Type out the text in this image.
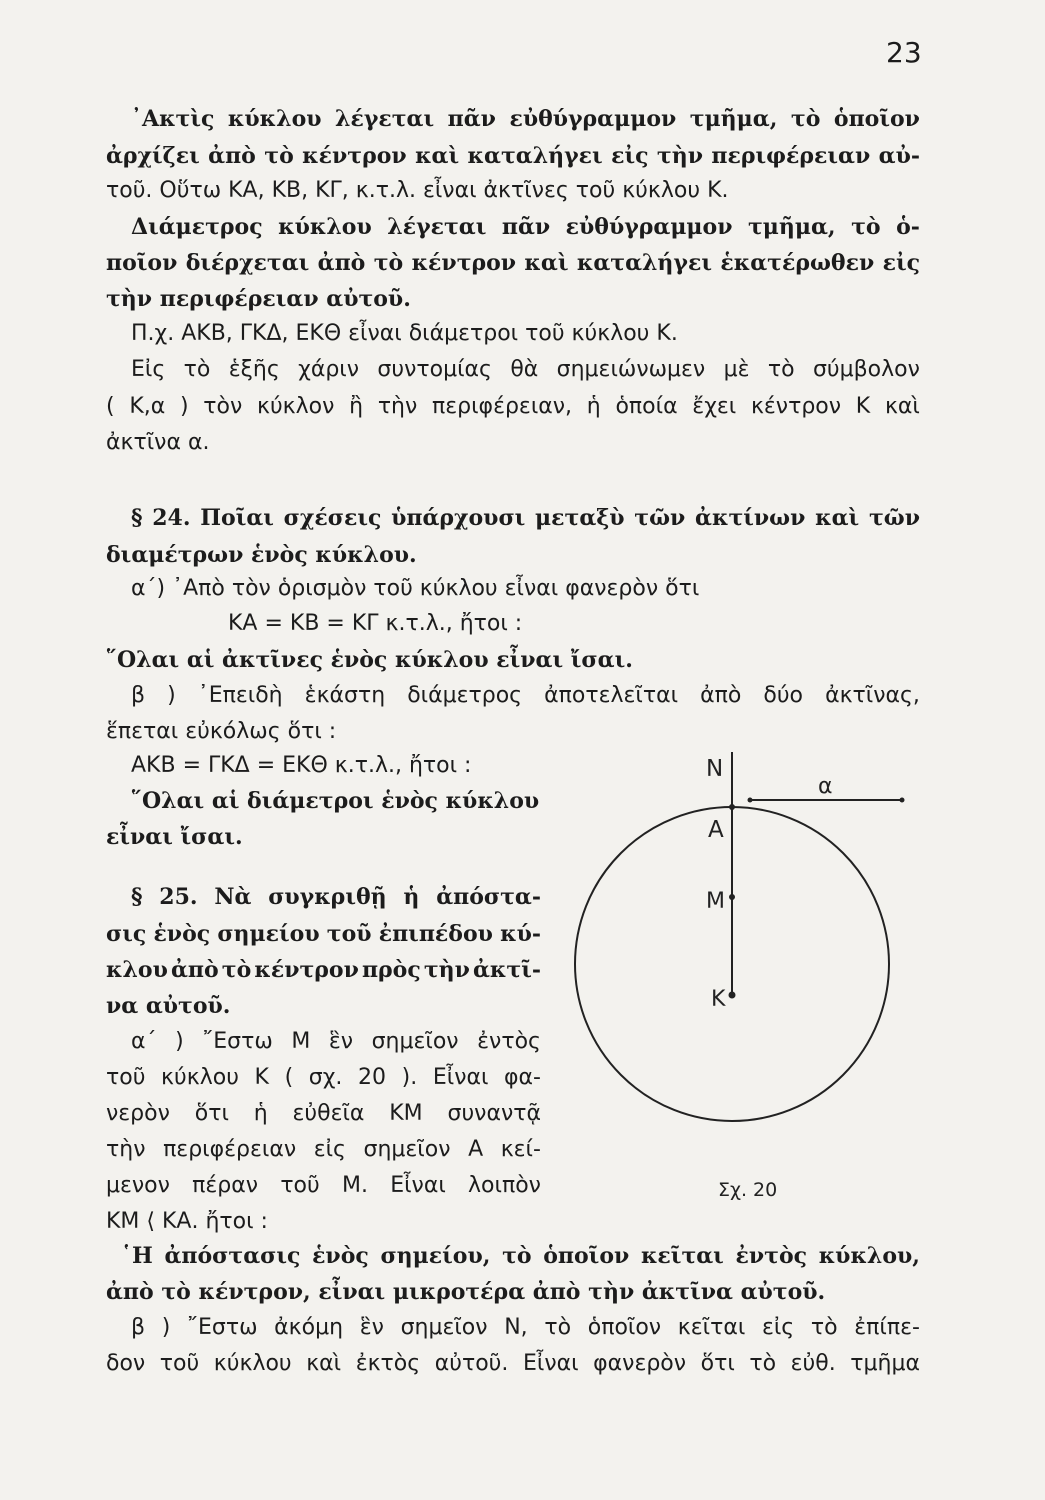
23
᾿Ακτὶς κύκλου λέγεται πᾶν εὐθύγραμμον τμῆμα, τὸ ὁποῖον
ἀρχίζει ἀπὸ τὸ κέντρον καὶ καταλήγει εἰς τὴν περιφέρειαν αὐ-
τοῦ. Οὕτω ΚΑ, ΚΒ, ΚΓ, κ.τ.λ. εἶναι ἀκτῖνες τοῦ κύκλου Κ.
Διάμετρος κύκλου λέγεται πᾶν εὐθύγραμμον τμῆμα, τὸ ὁ-
ποῖον διέρχεται ἀπὸ τὸ κέντρον καὶ καταλήγει ἑκατέρωθεν εἰς
τὴν περιφέρειαν αὐτοῦ.
Π.χ. ΑΚΒ, ΓΚΔ, ΕΚΘ εἶναι διάμετροι τοῦ κύκλου Κ.
Εἰς τὸ ἑξῆς χάριν συντομίας θὰ σημειώνωμεν μὲ τὸ σύμβολον
( Κ,α ) τὸν κύκλον ἢ τὴν περιφέρειαν, ἡ ὁποία ἔχει κέντρον Κ καὶ
ἀκτῖνα α.
§ 24. Ποῖαι σχέσεις ὑπάρχουσι μεταξὺ τῶν ἀκτίνων καὶ τῶν
διαμέτρων ἑνὸς κύκλου.
α΄) ᾿Απὸ τὸν ὁρισμὸν τοῦ κύκλου εἶναι φανερὸν ὅτι
ΚΑ = ΚΒ = ΚΓ κ.τ.λ., ἤτοι :
῞Ολαι αἱ ἀκτῖνες ἑνὸς κύκλου εἶναι ἴσαι.
β ) ᾿Επειδὴ ἑκάστη διάμετρος ἀποτελεῖται ἀπὸ δύο ἀκτῖνας,
ἕπεται εὐκόλως ὅτι :
ΑΚΒ = ΓΚΔ = ΕΚΘ κ.τ.λ., ἤτοι :
῞Ολαι αἱ διάμετροι ἑνὸς κύκλου
εἶναι ἴσαι.
§ 25. Νὰ συγκριθῇ ἡ ἀπόστα-
σις ἑνὸς σημείου τοῦ ἐπιπέδου κύ-
κλου ἀπὸ τὸ κέντρον πρὸς τὴν ἀκτῖ-
να αὐτοῦ.
α΄ ) ῎Εστω Μ ἓν σημεῖον ἐντὸς
τοῦ κύκλου Κ ( σχ. 20 ). Εἶναι φα-
νερὸν ὅτι ἡ εὐθεῖα ΚΜ συναντᾷ
τὴν περιφέρειαν εἰς σημεῖον Α κεί-
μενον πέραν τοῦ Μ. Εἶναι λοιπὸν
ΚΜ ⟨ ΚΑ. ἤτοι :
῾Η ἀπόστασις ἑνὸς σημείου, τὸ ὁποῖον κεῖται ἐντὸς κύκλου,
ἀπὸ τὸ κέντρον, εἶναι μικροτέρα ἀπὸ τὴν ἀκτῖνα αὐτοῦ.
β ) ῎Εστω ἀκόμη ἓν σημεῖον Ν, τὸ ὁποῖον κεῖται εἰς τὸ ἐπίπε-
δον τοῦ κύκλου καὶ ἐκτὸς αὐτοῦ. Εἶναι φανερὸν ὅτι τὸ εὐθ. τμῆμα
Ν
Α
Μ
Κ
α
Σχ. 20
